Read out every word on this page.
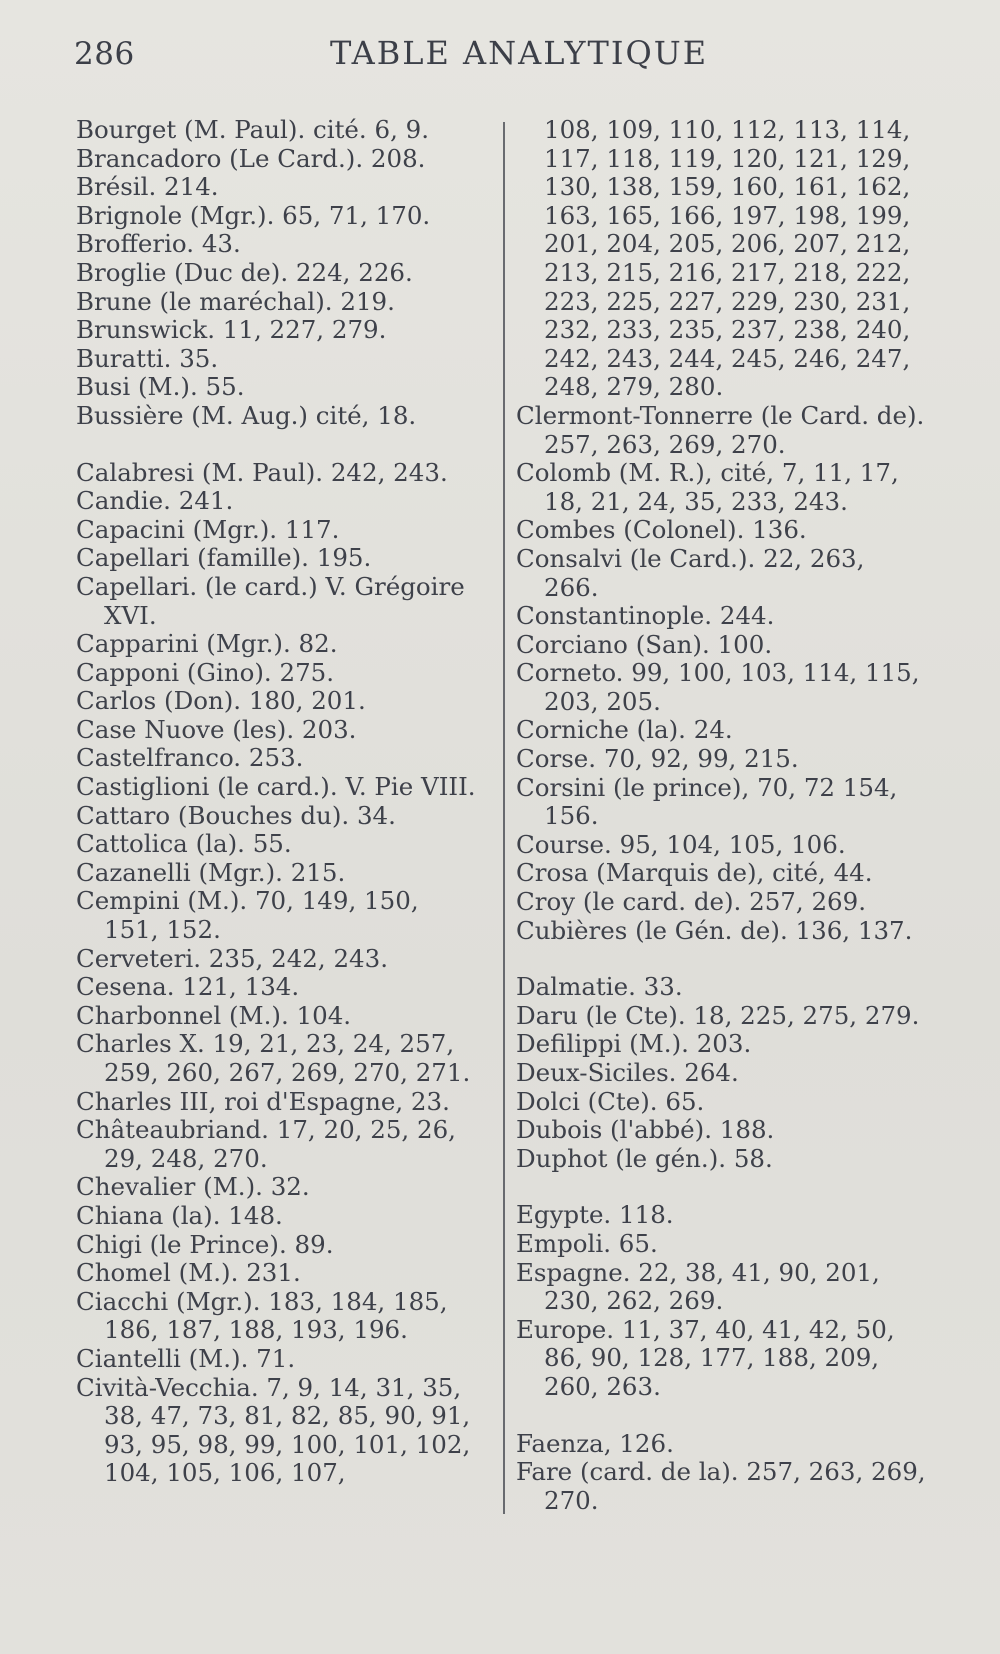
286	TABLE ANALYTIQUE

Bourget (M. Paul). cité. 6, 9.

Brancadoro (Le Card.). 208.

Brésil. 214.

Brignole (Mgr.). 65, 71, 170.

Brofferio. 43.

Broglie (Duc de). 224, 226.

Brune (le maréchal). 219.

Brunswick. 11, 227, 279.

Buratti. 35.

Busi (M.). 55.

Bussière (M. Aug.) cité, 18.

Calabresi (M. Paul). 242, 243.

Candie. 241.

Capacini (Mgr.). 117.

Capellari (famille). 195.

Capellari. (le card.) V. Grégoire XVI.

Capparini (Mgr.). 82.

Capponi (Gino). 275.

Carlos (Don). 180, 201.

Case Nuove (les). 203.

Castelfranco. 253.

Castiglioni (le card.). V. Pie VIII.

Cattaro (Bouches du). 34.

Cattolica (la). 55.

Cazanelli (Mgr.). 215.

Cempini (M.). 70, 149, 150, 151, 152.

Cerveteri. 235, 242, 243.

Cesena. 121, 134.

Charbonnel (M.). 104.

Charles X. 19, 21, 23, 24, 257, 259, 260, 267, 269, 270, 271.

Charles III, roi d'Espagne, 23.

Châteaubriand. 17, 20, 25, 26, 29, 248, 270.

Chevalier (M.). 32.

Chiana (la). 148.

Chigi (le Prince). 89.

Chomel (M.). 231.

Ciacchi (Mgr.). 183, 184, 185, 186, 187, 188, 193, 196.

Ciantelli (M.). 71.

Cività-Vecchia. 7, 9, 14, 31, 35, 38, 47, 73, 81, 82, 85, 90, 91, 93, 95, 98, 99, 100, 101, 102, 104, 105, 106, 107,

108, 109, 110, 112, 113, 114, 117, 118, 119, 120, 121, 129, 130, 138, 159, 160, 161, 162, 163, 165, 166, 197, 198, 199, 201, 204, 205, 206, 207, 212, 213, 215, 216, 217, 218, 222, 223, 225, 227, 229, 230, 231, 232, 233, 235, 237, 238, 240, 242, 243, 244, 245, 246, 247, 248, 279, 280.

Clermont-Tonnerre (le Card. de). 257, 263, 269, 270.

Colomb (M. R.), cité, 7, 11, 17, 18, 21, 24, 35, 233, 243.

Combes (Colonel). 136.

Consalvi (le Card.). 22, 263, 266.

Constantinople. 244.

Corciano (San). 100.

Corneto. 99, 100, 103, 114, 115, 203, 205.

Corniche (la). 24.

Corse. 70, 92, 99, 215.

Corsini (le prince), 70, 72 154, 156.

Course. 95, 104, 105, 106.

Crosa (Marquis de), cité, 44.

Croy (le card. de). 257, 269.

Cubières (le Gén. de). 136, 137.

Dalmatie. 33.

Daru (le Cte). 18, 225, 275, 279.

Defilippi (M.). 203.

Deux-Siciles. 264.

Dolci (Cte). 65.

Dubois (l'abbé). 188.

Duphot (le gén.). 58.

Egypte. 118.

Empoli. 65.

Espagne. 22, 38, 41, 90, 201, 230, 262, 269.

Europe. 11, 37, 40, 41, 42, 50, 86, 90, 128, 177, 188, 209, 260, 263.

Faenza, 126.

Fare (card. de la). 257, 263, 269, 270.
